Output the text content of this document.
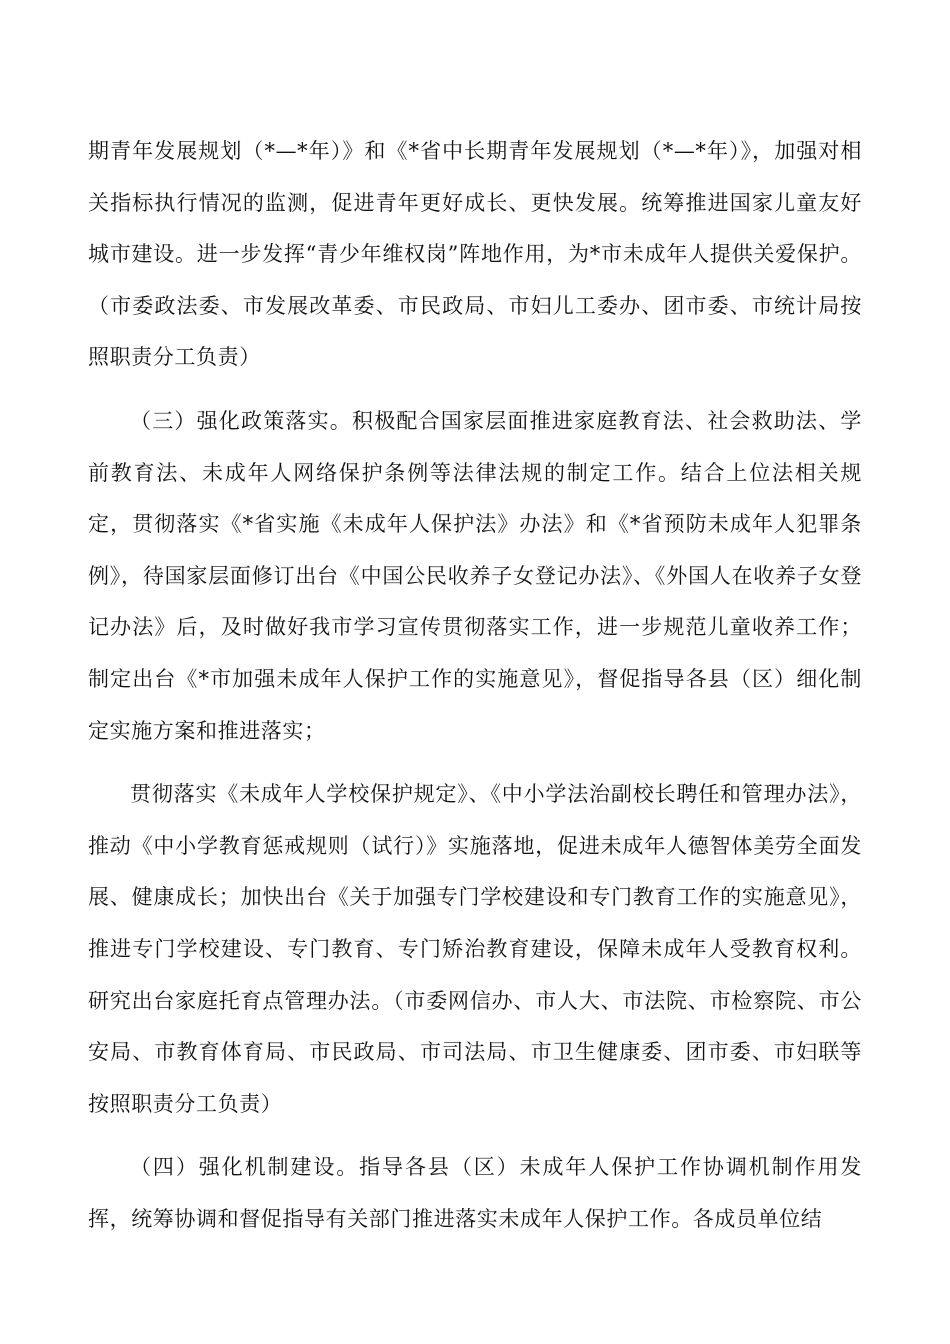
期青年发展规划（*—*年）》和《*省中长期青年发展规划（*—*年）》，加强对相关指标执行情况的监测，促进青年更好成长、更快发展。统筹推进国家儿童友好城市建设。进一步发挥“青少年维权岗”阵地作用，为*市未成年人提供关爱保护。（市委政法委、市发展改革委、市民政局、市妇儿工委办、团市委、市统计局按照职责分工负责）

（三）强化政策落实。积极配合国家层面推进家庭教育法、社会救助法、学前教育法、未成年人网络保护条例等法律法规的制定工作。结合上位法相关规定，贯彻落实《*省实施《未成年人保护法》办法》和《*省预防未成年人犯罪条例》，待国家层面修订出台《中国公民收养子女登记办法》、《外国人在收养子女登记办法》后，及时做好我市学习宣传贯彻落实工作，进一步规范儿童收养工作；制定出台《*市加强未成年人保护工作的实施意见》，督促指导各县（区）细化制定实施方案和推进落实；

贯彻落实《未成年人学校保护规定》、《中小学法治副校长聘任和管理办法》，推动《中小学教育惩戒规则（试行）》实施落地，促进未成年人德智体美劳全面发展、健康成长；加快出台《关于加强专门学校建设和专门教育工作的实施意见》，推进专门学校建设、专门教育、专门矫治教育建设，保障未成年人受教育权利。研究出台家庭托育点管理办法。（市委网信办、市人大、市法院、市检察院、市公安局、市教育体育局、市民政局、市司法局、市卫生健康委、团市委、市妇联等按照职责分工负责）

（四）强化机制建设。指导各县（区）未成年人保护工作协调机制作用发挥，统筹协调和督促指导有关部门推进落实未成年人保护工作。各成员单位结
